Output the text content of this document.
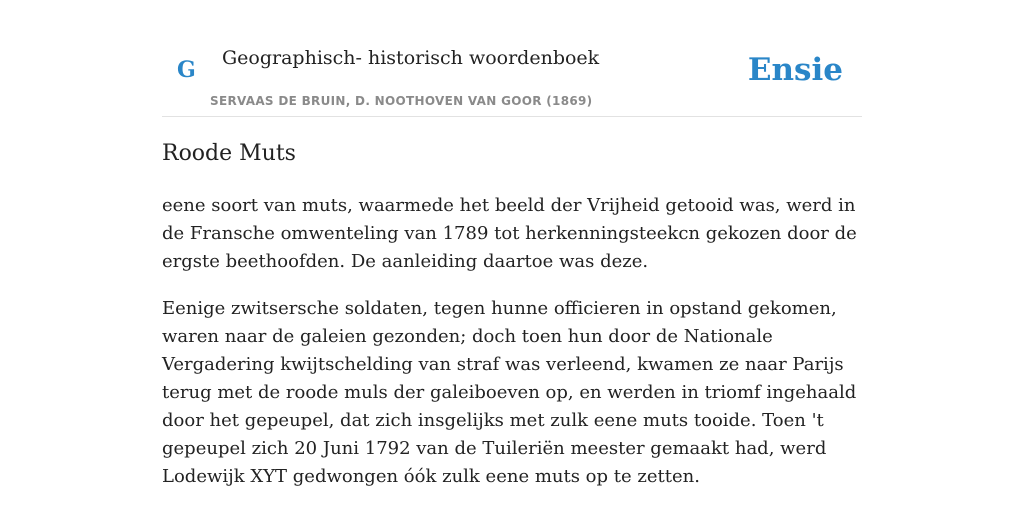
G Geographisch- historisch woordenboek
SERVAAS DE BRUIN, D. NOOTHOVEN VAN GOOR (1869)
Ensie
Roode Muts

eene soort van muts, waarmede het beeld der Vrijheid getooid was, werd in de Fransche omwenteling van 1789 tot herkenningsteekcn gekozen door de ergste beethoofden. De aanleiding daartoe was deze.

Eenige zwitsersche soldaten, tegen hunne officieren in opstand gekomen, waren naar de galeien gezonden; doch toen hun door de Nationale Vergadering kwijtschelding van straf was verleend, kwamen ze naar Parijs terug met de roode muls der galeiboeven op, en werden in triomf ingehaald door het gepeupel, dat zich insgelijks met zulk eene muts tooide. Toen 't gepeupel zich 20 Juni 1792 van de Tuileriën meester gemaakt had, werd Lodewijk XYT gedwongen óók zulk eene muts op te zetten.
